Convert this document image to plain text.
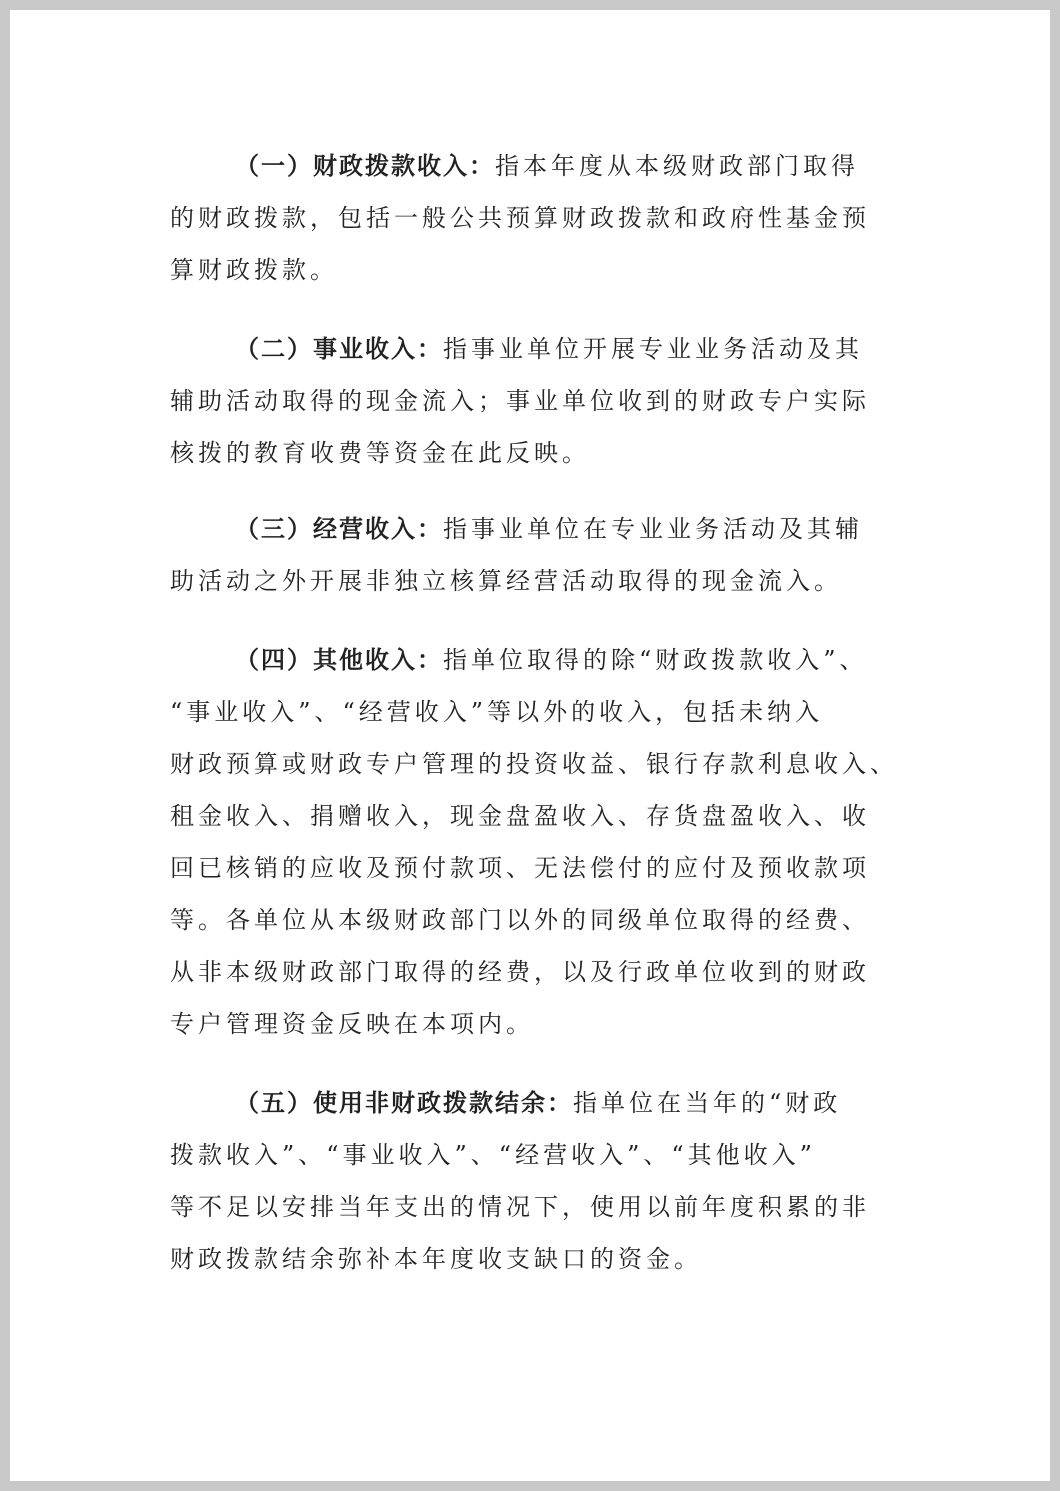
（一）财政拨款收入：指本年度从本级财政部门取得
的财政拨款，包括一般公共预算财政拨款和政府性基金预
算财政拨款。
（二）事业收入：指事业单位开展专业业务活动及其
辅助活动取得的现金流入；事业单位收到的财政专户实际
核拨的教育收费等资金在此反映。
（三）经营收入：指事业单位在专业业务活动及其辅
助活动之外开展非独立核算经营活动取得的现金流入。
（四）其他收入：指单位取得的除“财政拨款收入”、
“事业收入”、“经营收入”等以外的收入，包括未纳入
财政预算或财政专户管理的投资收益、银行存款利息收入、
租金收入、捐赠收入，现金盘盈收入、存货盘盈收入、收
回已核销的应收及预付款项、无法偿付的应付及预收款项
等。各单位从本级财政部门以外的同级单位取得的经费、
从非本级财政部门取得的经费，以及行政单位收到的财政
专户管理资金反映在本项内。
（五）使用非财政拨款结余：指单位在当年的“财政
拨款收入”、“事业收入”、“经营收入”、“其他收入”
等不足以安排当年支出的情况下，使用以前年度积累的非
财政拨款结余弥补本年度收支缺口的资金。
